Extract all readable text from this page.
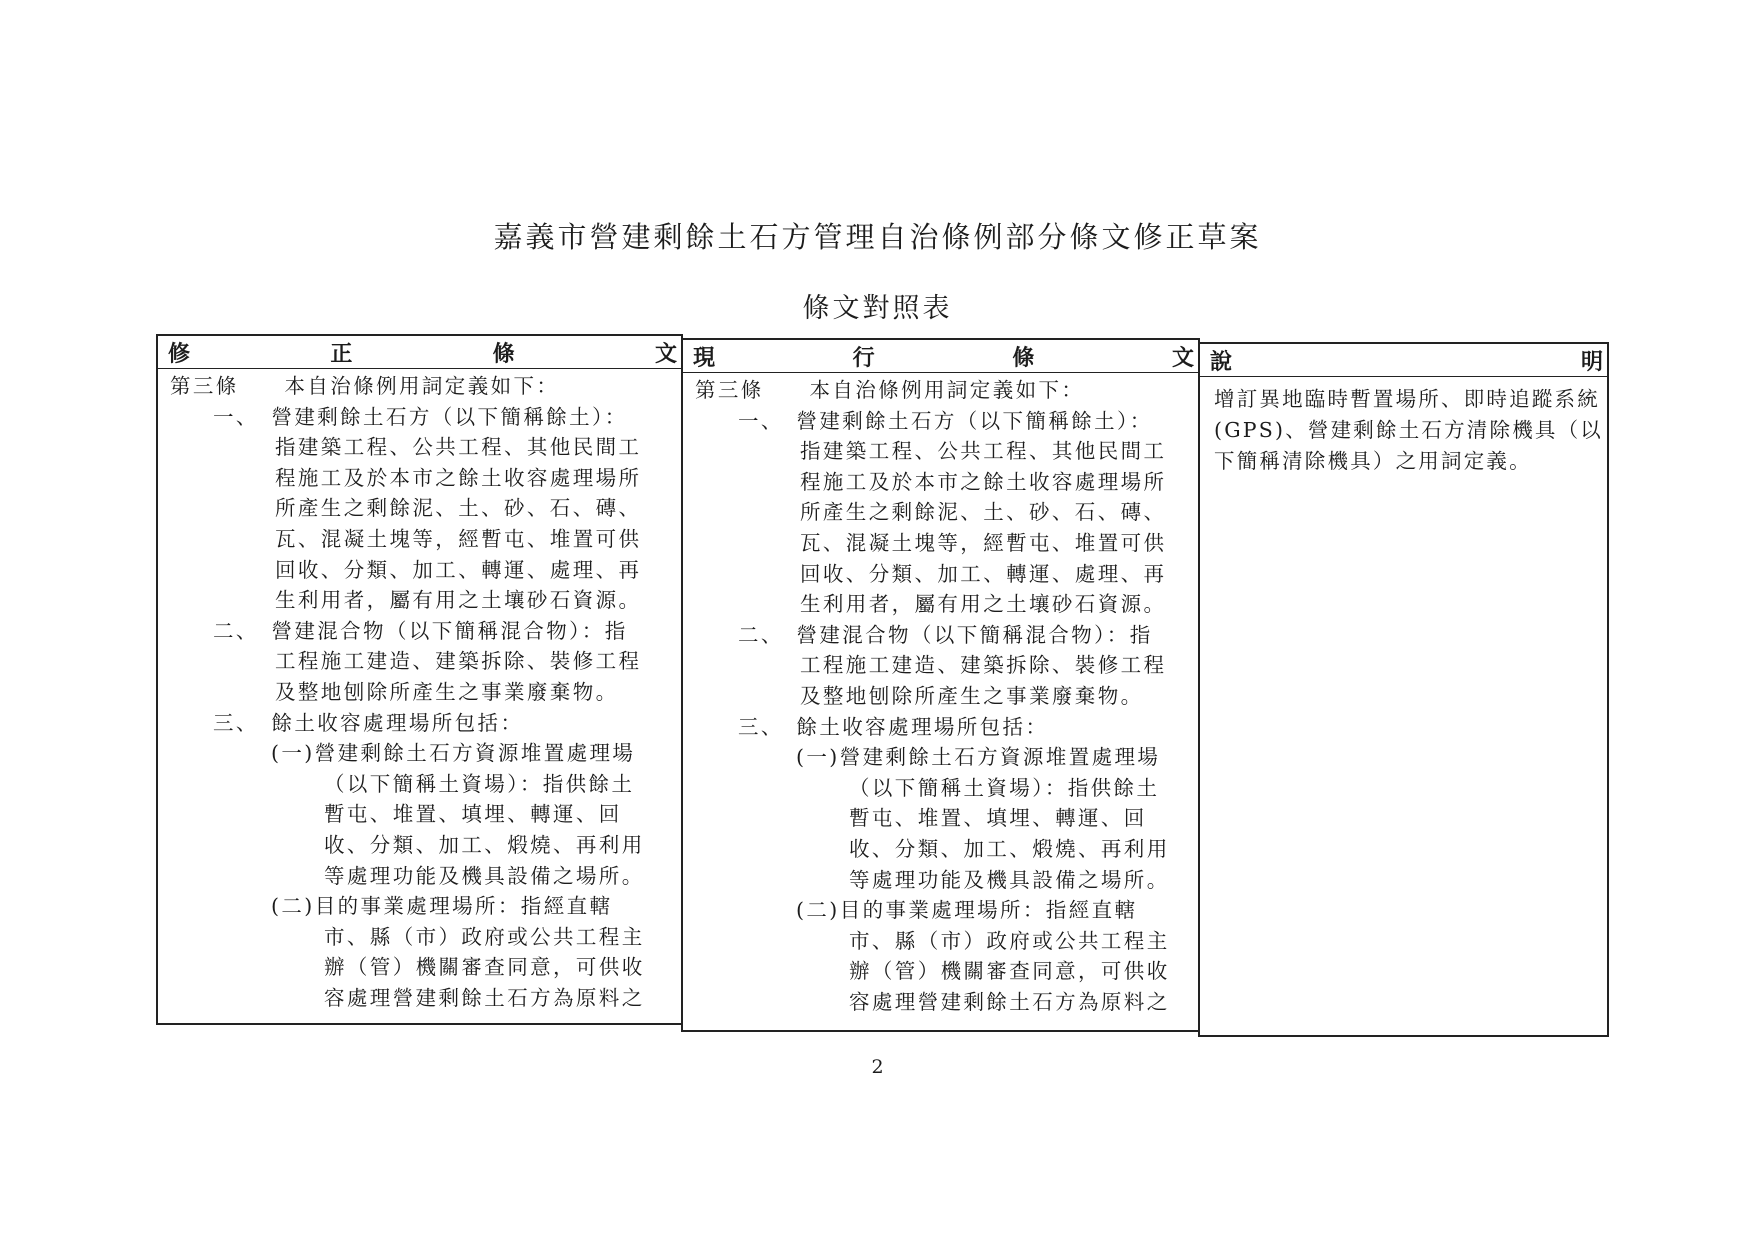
嘉義市營建剩餘土石方管理自治條例部分條文修正草案
條文對照表
修	正	條	文
第三條　　本自治條例用詞定義如下：
一、　營建剩餘土石方（以下簡稱餘土）：
指建築工程、公共工程、其他民間工
程施工及於本市之餘土收容處理場所
所產生之剩餘泥、土、砂、石、磚、
瓦、混凝土塊等，經暫屯、堆置可供
回收、分類、加工、轉運、處理、再
生利用者，屬有用之土壤砂石資源。
二、　營建混合物（以下簡稱混合物）：指
工程施工建造、建築拆除、裝修工程
及整地刨除所產生之事業廢棄物。
三、　餘土收容處理場所包括：
(一)營建剩餘土石方資源堆置處理場
（以下簡稱土資場）：指供餘土
暫屯、堆置、填埋、轉運、回
收、分類、加工、煅燒、再利用
等處理功能及機具設備之場所。
(二)目的事業處理場所：指經直轄
市、縣（市）政府或公共工程主
辦（管）機關審查同意，可供收
容處理營建剩餘土石方為原料之
現	行	條	文
第三條　　本自治條例用詞定義如下：
一、　營建剩餘土石方（以下簡稱餘土）：
指建築工程、公共工程、其他民間工
程施工及於本市之餘土收容處理場所
所產生之剩餘泥、土、砂、石、磚、
瓦、混凝土塊等，經暫屯、堆置可供
回收、分類、加工、轉運、處理、再
生利用者，屬有用之土壤砂石資源。
二、　營建混合物（以下簡稱混合物）：指
工程施工建造、建築拆除、裝修工程
及整地刨除所產生之事業廢棄物。
三、　餘土收容處理場所包括：
(一)營建剩餘土石方資源堆置處理場
（以下簡稱土資場）：指供餘土
暫屯、堆置、填埋、轉運、回
收、分類、加工、煅燒、再利用
等處理功能及機具設備之場所。
(二)目的事業處理場所：指經直轄
市、縣（市）政府或公共工程主
辦（管）機關審查同意，可供收
容處理營建剩餘土石方為原料之
說	明
增訂異地臨時暫置場所、即時追蹤系統(GPS)、營建剩餘土石方清除機具（以下簡稱清除機具）之用詞定義。
2
